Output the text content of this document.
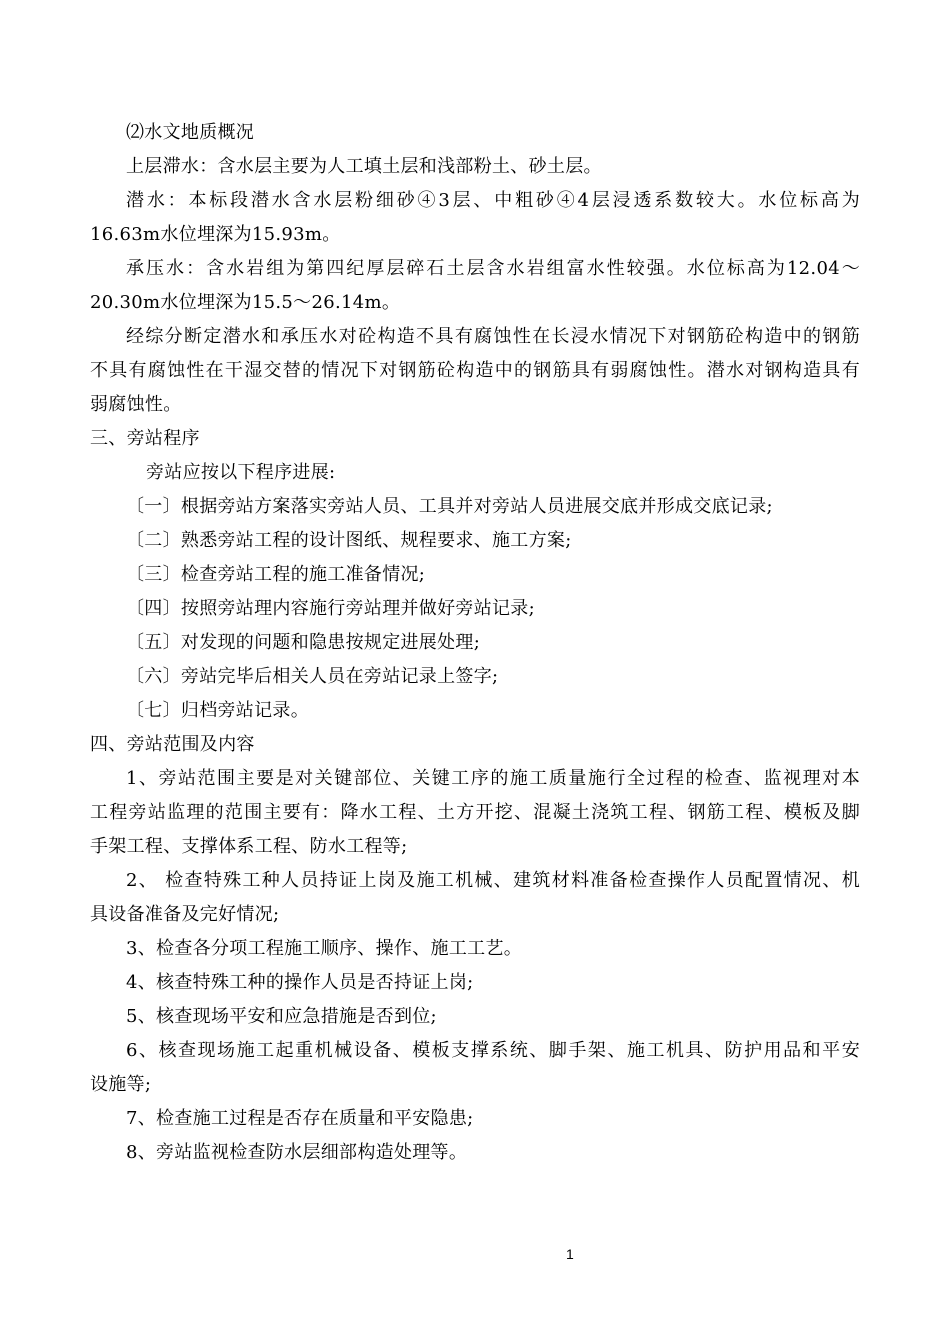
⑵水文地质概况
上层滞水：含水层主要为人工填土层和浅部粉土、砂土层。
潜水：本标段潜水含水层粉细砂④3层、中粗砂④4层浸透系数较大。水位标高为
16.63m水位埋深为15.93m。
承压水：含水岩组为第四纪厚层碎石土层含水岩组富水性较强。水位标高为12.04～
20.30m水位埋深为15.5～26.14m。
经综分断定潜水和承压水对砼构造不具有腐蚀性在长浸水情况下对钢筋砼构造中的钢筋
不具有腐蚀性在干湿交替的情况下对钢筋砼构造中的钢筋具有弱腐蚀性。潜水对钢构造具有
弱腐蚀性。
三、旁站程序
旁站应按以下程序进展:
〔一〕根据旁站方案落实旁站人员、工具并对旁站人员进展交底并形成交底记录;
〔二〕熟悉旁站工程的设计图纸、规程要求、施工方案;
〔三〕检查旁站工程的施工准备情况;
〔四〕按照旁站理内容施行旁站理并做好旁站记录;
〔五〕对发现的问题和隐患按规定进展处理;
〔六〕旁站完毕后相关人员在旁站记录上签字;
〔七〕归档旁站记录。
四、旁站范围及内容
1、旁站范围主要是对关键部位、关键工序的施工质量施行全过程的检查、监视理对本
工程旁站监理的范围主要有：降水工程、土方开挖、混凝土浇筑工程、钢筋工程、模板及脚
手架工程、支撑体系工程、防水工程等;
2、 检查特殊工种人员持证上岗及施工机械、建筑材料准备检查操作人员配置情况、机
具设备准备及完好情况;
3、检查各分项工程施工顺序、操作、施工工艺。
4、核查特殊工种的操作人员是否持证上岗;
5、核查现场平安和应急措施是否到位;
6、核查现场施工起重机械设备、模板支撑系统、脚手架、施工机具、防护用品和平安
设施等;
7、检查施工过程是否存在质量和平安隐患;
8、旁站监视检查防水层细部构造处理等。
1
